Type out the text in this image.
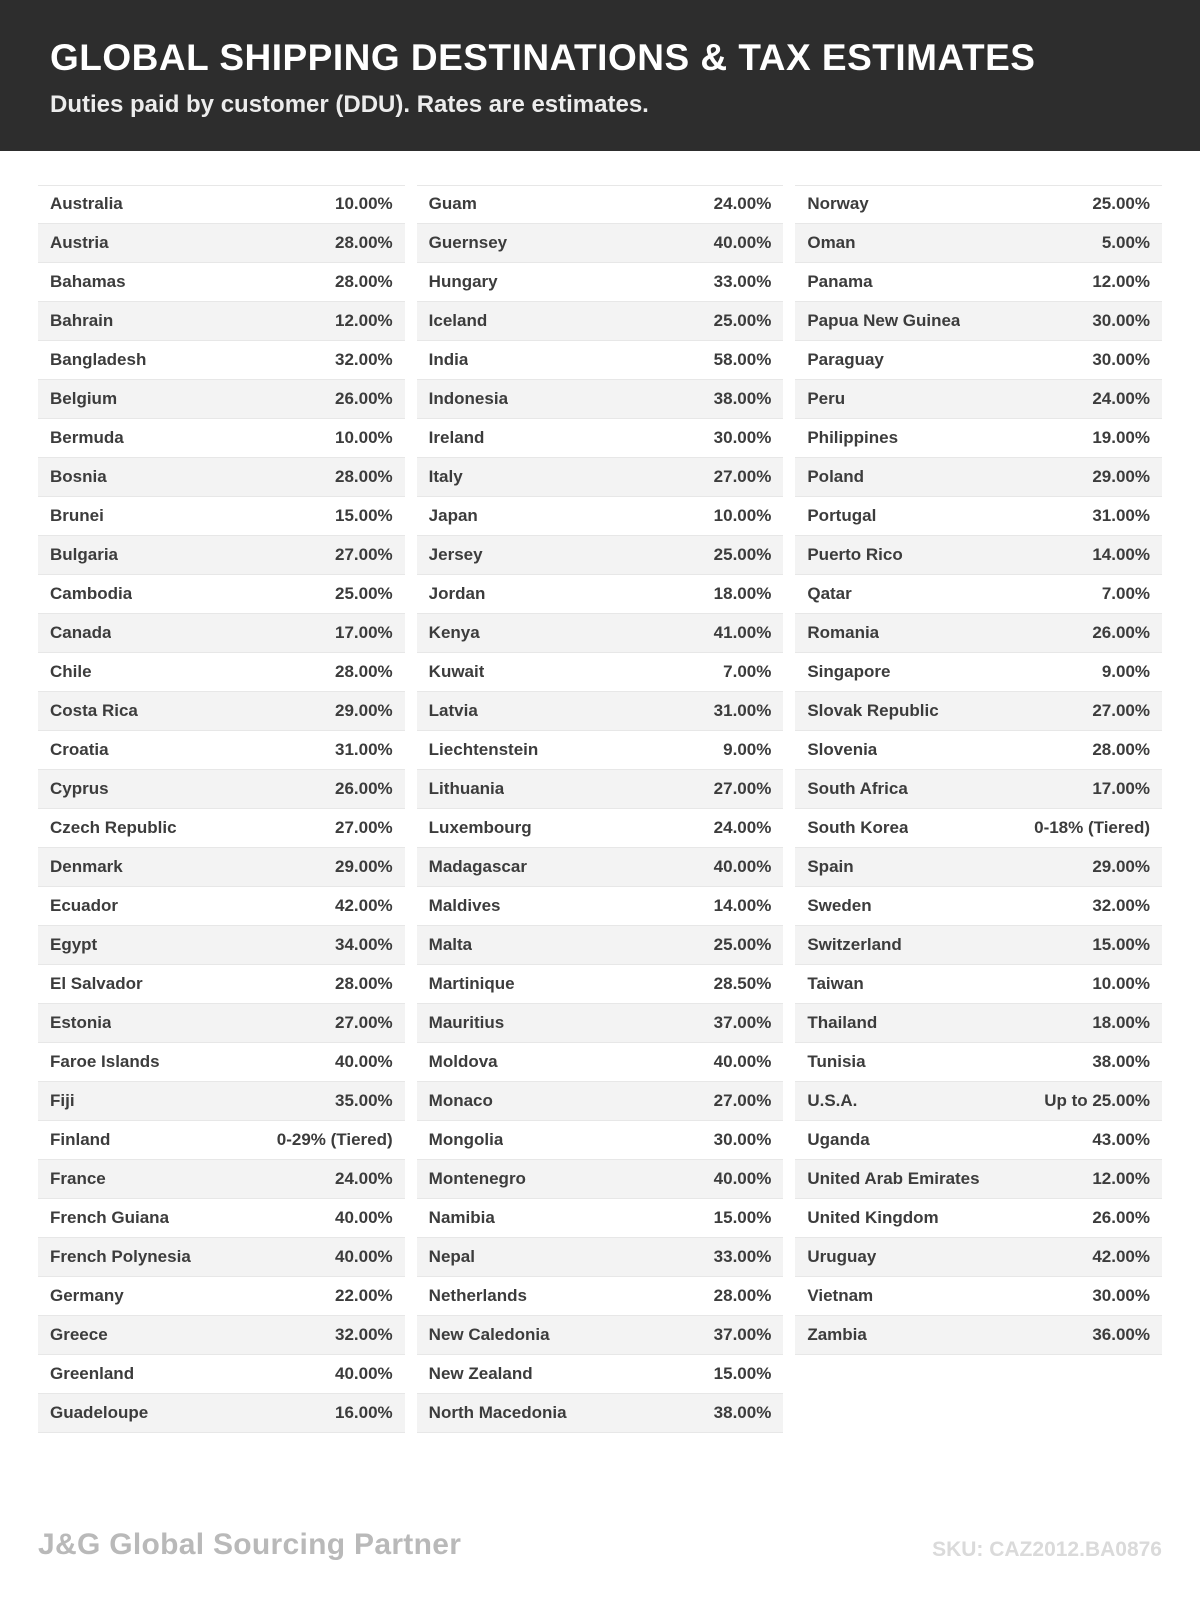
GLOBAL SHIPPING DESTINATIONS & TAX ESTIMATES

Duties paid by customer (DDU). Rates are estimates.

Australia	10.00%
Austria	28.00%
Bahamas	28.00%
Bahrain	12.00%
Bangladesh	32.00%
Belgium	26.00%
Bermuda	10.00%
Bosnia	28.00%
Brunei	15.00%
Bulgaria	27.00%
Cambodia	25.00%
Canada	17.00%
Chile	28.00%
Costa Rica	29.00%
Croatia	31.00%
Cyprus	26.00%
Czech Republic	27.00%
Denmark	29.00%
Ecuador	42.00%
Egypt	34.00%
El Salvador	28.00%
Estonia	27.00%
Faroe Islands	40.00%
Fiji	35.00%
Finland	0-29% (Tiered)
France	24.00%
French Guiana	40.00%
French Polynesia	40.00%
Germany	22.00%
Greece	32.00%
Greenland	40.00%
Guadeloupe	16.00%
Guam	24.00%
Guernsey	40.00%
Hungary	33.00%
Iceland	25.00%
India	58.00%
Indonesia	38.00%
Ireland	30.00%
Italy	27.00%
Japan	10.00%
Jersey	25.00%
Jordan	18.00%
Kenya	41.00%
Kuwait	7.00%
Latvia	31.00%
Liechtenstein	9.00%
Lithuania	27.00%
Luxembourg	24.00%
Madagascar	40.00%
Maldives	14.00%
Malta	25.00%
Martinique	28.50%
Mauritius	37.00%
Moldova	40.00%
Monaco	27.00%
Mongolia	30.00%
Montenegro	40.00%
Namibia	15.00%
Nepal	33.00%
Netherlands	28.00%
New Caledonia	37.00%
New Zealand	15.00%
North Macedonia	38.00%
Norway	25.00%
Oman	5.00%
Panama	12.00%
Papua New Guinea	30.00%
Paraguay	30.00%
Peru	24.00%
Philippines	19.00%
Poland	29.00%
Portugal	31.00%
Puerto Rico	14.00%
Qatar	7.00%
Romania	26.00%
Singapore	9.00%
Slovak Republic	27.00%
Slovenia	28.00%
South Africa	17.00%
South Korea	0-18% (Tiered)
Spain	29.00%
Sweden	32.00%
Switzerland	15.00%
Taiwan	10.00%
Thailand	18.00%
Tunisia	38.00%
U.S.A.	Up to 25.00%
Uganda	43.00%
United Arab Emirates	12.00%
United Kingdom	26.00%
Uruguay	42.00%
Vietnam	30.00%
Zambia	36.00%
J&G Global Sourcing Partner	SKU: CAZ2012.BA0876
